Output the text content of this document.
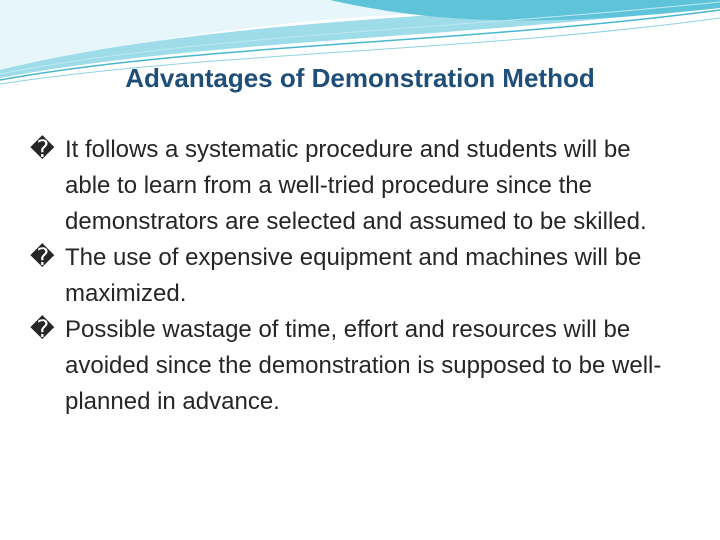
Advantages of Demonstration Method
� It follows a systematic procedure and students will be able to learn from a well-tried procedure since the demonstrators are selected and assumed to be skilled.
� The use of expensive equipment and machines will be maximized.
� Possible wastage of time, effort and resources will be avoided since the demonstration is supposed to be well-planned in advance.
